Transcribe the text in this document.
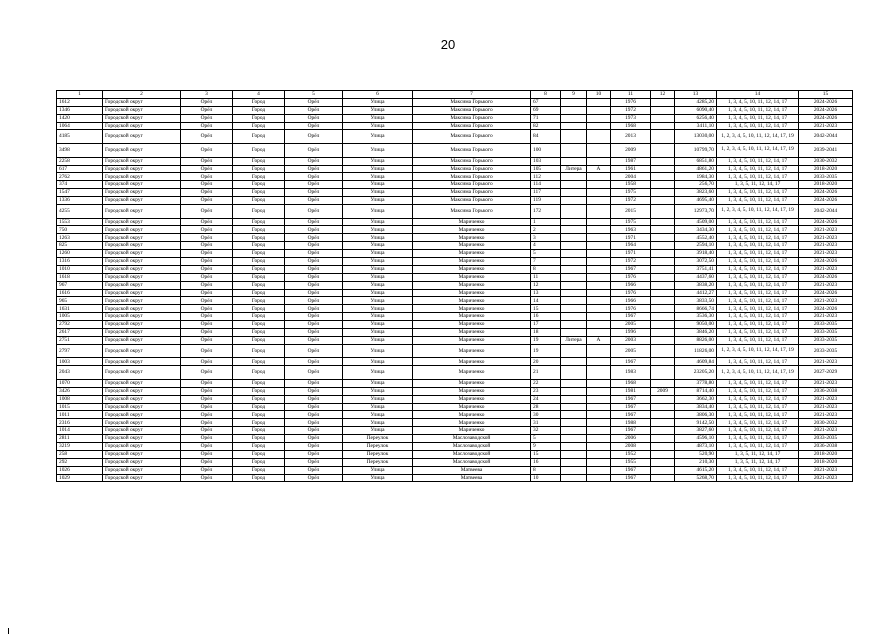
20
1	2	3	4	5	6	7	8	9	10	11	12	13	14	15
1612	Городской округ	Орёл	Город	Орёл	Улица	Максима Горького	67			1976		4285,20	1, 3, 4, 5, 10, 11, 12, 14, 17	2024-2026
1346	Городской округ	Орёл	Город	Орёл	Улица	Максима Горького	69			1972		6090,40	1, 3, 4, 5, 10, 11, 12, 14, 17	2024-2026
1420	Городской округ	Орёл	Город	Орёл	Улица	Максима Горького	71			1973		6256,40	1, 3, 4, 5, 10, 11, 12, 14, 17	2024-2026
1064	Городской округ	Орёл	Город	Орёл	Улица	Максима Горького	82			1968		3411,10	1, 3, 4, 5, 10, 11, 12, 14, 17	2021-2023
4185	Городской округ	Орёл	Город	Орёл	Улица	Максима Горького	84			2013		13030,00	1, 2, 3, 4, 5, 10, 11, 12, 14, 17, 19	2042-2044
3498	Городской округ	Орёл	Город	Орёл	Улица	Максима Горького	100			2009		10799,70	1, 2, 3, 4, 5, 10, 11, 12, 14, 17, 19	2039-2041
2258	Городской округ	Орёл	Город	Орёл	Улица	Максима Горького	103			1987		6851,80	1, 3, 4, 5, 10, 11, 12, 14, 17	2030-2032
617	Городской округ	Орёл	Город	Орёл	Улица	Максима Горького	105	Литера	А	1961		4861,20	1, 3, 4, 5, 10, 11, 12, 14, 17	2018-2020
2762	Городской округ	Орёл	Город	Орёл	Улица	Максима Горького	112			2004		1984,30	1, 3, 4, 5, 10, 11, 12, 14, 17	2033-2035
374	Городской округ	Орёл	Город	Орёл	Улица	Максима Горького	114			1958		256,70	1, 3, 5, 11, 12, 14, 17	2018-2020
1547	Городской округ	Орёл	Город	Орёл	Улица	Максима Горького	117			1975		3823,60	1, 3, 4, 5, 10, 11, 12, 14, 17	2024-2026
1336	Городской округ	Орёл	Город	Орёл	Улица	Максима Горького	119			1972		4695,40	1, 3, 4, 5, 10, 11, 12, 14, 17	2024-2026
4255	Городской округ	Орёл	Город	Орёл	Улица	Максима Горького	172			2015		12973,70	1, 2, 3, 4, 5, 10, 11, 12, 14, 17, 19	2042-2044
1553	Городской округ	Орёл	Город	Орёл	Улица	Мариченко	1			1975		4509,00	1, 3, 4, 5, 10, 11, 12, 14, 17	2024-2026
750	Городской округ	Орёл	Город	Орёл	Улица	Мариченко	2			1963		3434,30	1, 3, 4, 5, 10, 11, 12, 14, 17	2021-2023
1263	Городской округ	Орёл	Город	Орёл	Улица	Мариченко	3			1971		4552,40	1, 3, 4, 5, 10, 11, 12, 14, 17	2021-2023
825	Городской округ	Орёл	Город	Орёл	Улица	Мариченко	4			1964		2594,10	1, 3, 4, 5, 10, 11, 12, 14, 17	2021-2023
1260	Городской округ	Орёл	Город	Орёл	Улица	Мариченко	5			1971		3918,40	1, 3, 4, 5, 10, 11, 12, 14, 17	2021-2023
1316	Городской округ	Орёл	Город	Орёл	Улица	Мариченко	7			1972		3072,50	1, 3, 4, 5, 10, 11, 12, 14, 17	2024-2026
1010	Городской округ	Орёл	Город	Орёл	Улица	Мариченко	8			1967		3751,41	1, 3, 4, 5, 10, 11, 12, 14, 17	2021-2023
1618	Городской округ	Орёл	Город	Орёл	Улица	Мариченко	11			1976		4437,60	1, 3, 4, 5, 10, 11, 12, 14, 17	2024-2026
967	Городской округ	Орёл	Город	Орёл	Улица	Мариченко	12			1966		3838,20	1, 3, 4, 5, 10, 11, 12, 14, 17	2021-2023
1616	Городской округ	Орёл	Город	Орёл	Улица	Мариченко	13			1976		4412,27	1, 3, 4, 5, 10, 11, 12, 14, 17	2024-2026
965	Городской округ	Орёл	Город	Орёл	Улица	Мариченко	14			1966		3833,50	1, 3, 4, 5, 10, 11, 12, 14, 17	2021-2023
1631	Городской округ	Орёл	Город	Орёл	Улица	Мариченко	15			1976		8666,74	1, 3, 4, 5, 10, 11, 12, 14, 17	2024-2026
1005	Городской округ	Орёл	Город	Орёл	Улица	Мариченко	16			1967		3536,30	1, 3, 4, 5, 10, 11, 12, 14, 17	2021-2023
2792	Городской округ	Орёл	Город	Орёл	Улица	Мариченко	17			2005		9050,00	1, 3, 4, 5, 10, 11, 12, 14, 17	2033-2035
2617	Городской округ	Орёл	Город	Орёл	Улица	Мариченко	18			1996		3846,20	1, 3, 4, 5, 10, 11, 12, 14, 17	2033-2035
2751	Городской округ	Орёл	Город	Орёл	Улица	Мариченко	19	Литера	А	2003		8826,00	1, 3, 4, 5, 10, 11, 12, 14, 17	2033-2035
2797	Городской округ	Орёл	Город	Орёл	Улица	Мариченко	19			2005		11826,00	1, 2, 3, 4, 5, 10, 11, 12, 14, 17, 19	2033-2035
1003	Городской округ	Орёл	Город	Орёл	Улица	Мариченко	20			1967		4609,84	1, 3, 4, 5, 10, 11, 12, 14, 17	2021-2023
2043	Городской округ	Орёл	Город	Орёл	Улица	Мариченко	21			1983		23205,20	1, 2, 3, 4, 5, 10, 11, 12, 14, 17, 19	2027-2029
1070	Городской округ	Орёл	Город	Орёл	Улица	Мариченко	22			1968		3778,80	1, 3, 4, 5, 10, 11, 12, 14, 17	2021-2023
3426	Городской округ	Орёл	Город	Орёл	Улица	Мариченко	23			1981	2009	8714,40	1, 3, 4, 5, 10, 11, 12, 14, 17	2036-2038
1008	Городской округ	Орёл	Город	Орёл	Улица	Мариченко	24			1967		3662,30	1, 3, 4, 5, 10, 11, 12, 14, 17	2021-2023
1015	Городской округ	Орёл	Город	Орёл	Улица	Мариченко	28			1967		3834,40	1, 3, 4, 5, 10, 11, 12, 14, 17	2021-2023
1011	Городской округ	Орёл	Город	Орёл	Улица	Мариченко	30			1967		3806,30	1, 3, 4, 5, 10, 11, 12, 14, 17	2021-2023
2316	Городской округ	Орёл	Город	Орёл	Улица	Мариченко	31			1988		9142,50	1, 3, 4, 5, 10, 11, 12, 14, 17	2030-2032
1014	Городской округ	Орёл	Город	Орёл	Улица	Мариченко	32			1967		3827,60	1, 3, 4, 5, 10, 11, 12, 14, 17	2021-2023
2811	Городской округ	Орёл	Город	Орёл	Переулок	Маслозаводской	5			2006		4596,10	1, 3, 4, 5, 10, 11, 12, 14, 17	2033-2035
3219	Городской округ	Орёл	Город	Орёл	Переулок	Маслозаводской	9			2008		4873,10	1, 3, 4, 5, 10, 11, 12, 14, 17	2036-2038
258	Городской округ	Орёл	Город	Орёл	Переулок	Маслозаводской	15			1952		520,90	1, 3, 5, 11, 12, 14, 17	2018-2020
292	Городской округ	Орёл	Город	Орёл	Переулок	Маслозаводской	16			1955		210,30	1, 3, 5, 11, 12, 14, 17	2018-2020
1026	Городской округ	Орёл	Город	Орёл	Улица	Матвеева	8			1967		4615,20	1, 3, 4, 5, 10, 11, 12, 14, 17	2021-2023
1029	Городской округ	Орёл	Город	Орёл	Улица	Матвеева	10			1967		5268,70	1, 3, 4, 5, 10, 11, 12, 14, 17	2021-2023
